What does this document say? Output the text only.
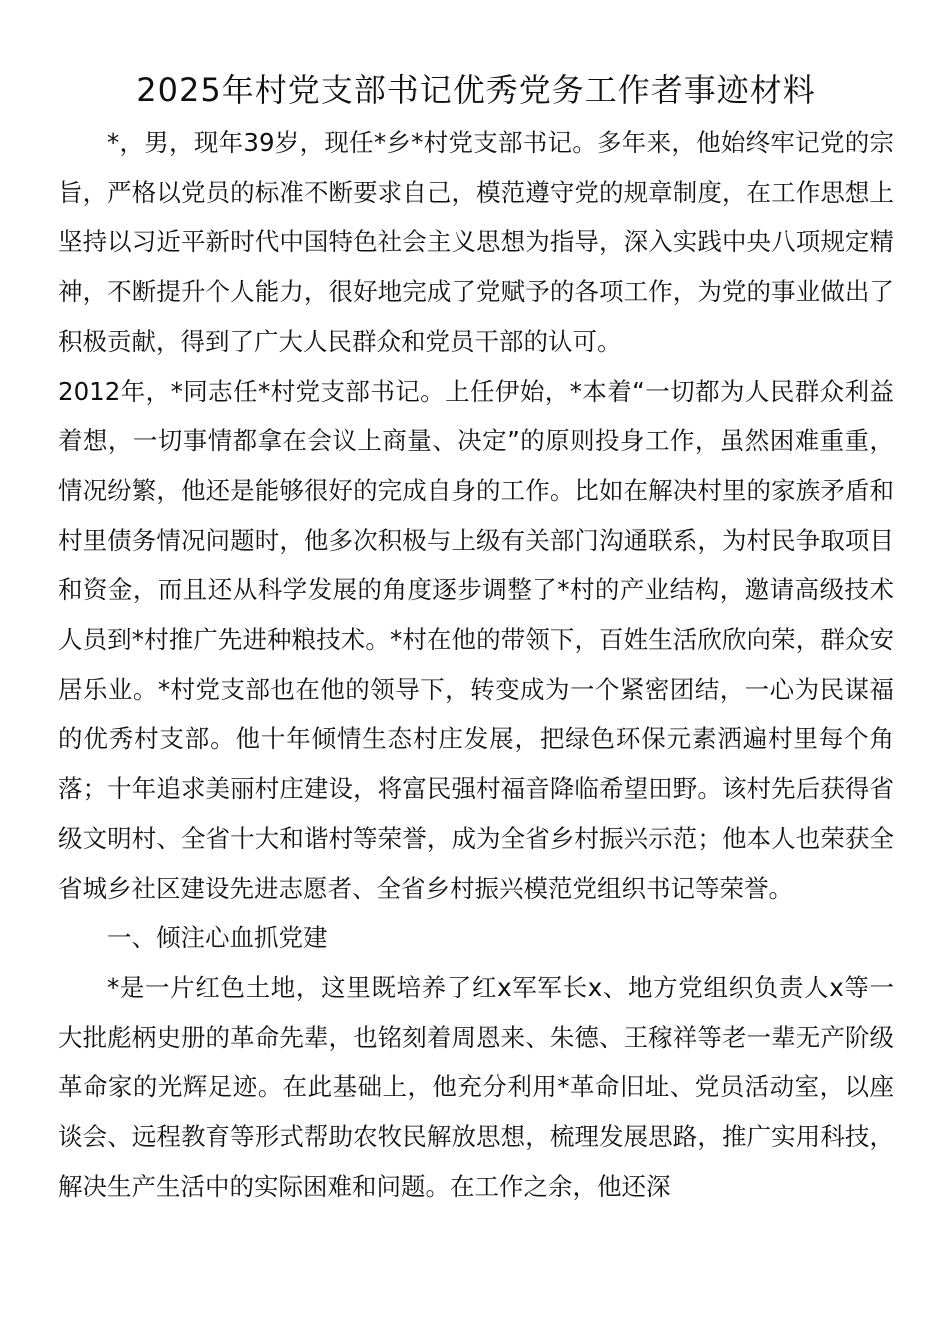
2025年村党支部书记优秀党务工作者事迹材料

*，男，现年39岁，现任*乡*村党支部书记。多年来，他始终牢记党的宗旨，严格以党员的标准不断要求自己，模范遵守党的规章制度，在工作思想上坚持以习近平新时代中国特色社会主义思想为指导，深入实践中央八项规定精神，不断提升个人能力，很好地完成了党赋予的各项工作，为党的事业做出了积极贡献，得到了广大人民群众和党员干部的认可。

2012年，*同志任*村党支部书记。上任伊始，*本着“一切都为人民群众利益着想，一切事情都拿在会议上商量、决定”的原则投身工作，虽然困难重重，情况纷繁，他还是能够很好的完成自身的工作。比如在解决村里的家族矛盾和村里债务情况问题时，他多次积极与上级有关部门沟通联系，为村民争取项目和资金，而且还从科学发展的角度逐步调整了*村的产业结构，邀请高级技术人员到*村推广先进种粮技术。*村在他的带领下，百姓生活欣欣向荣，群众安居乐业。*村党支部也在他的领导下，转变成为一个紧密团结，一心为民谋福的优秀村支部。他十年倾情生态村庄发展，把绿色环保元素洒遍村里每个角落；十年追求美丽村庄建设，将富民强村福音降临希望田野。该村先后获得省级文明村、全省十大和谐村等荣誉，成为全省乡村振兴示范；他本人也荣获全省城乡社区建设先进志愿者、全省乡村振兴模范党组织书记等荣誉。

一、倾注心血抓党建

*是一片红色土地，这里既培养了红x军军长x、地方党组织负责人x等一大批彪柄史册的革命先辈，也铭刻着周恩来、朱德、王稼祥等老一辈无产阶级革命家的光辉足迹。在此基础上，他充分利用*革命旧址、党员活动室，以座谈会、远程教育等形式帮助农牧民解放思想，梳理发展思路，推广实用科技，解决生产生活中的实际困难和问题。在工作之余，他还深
